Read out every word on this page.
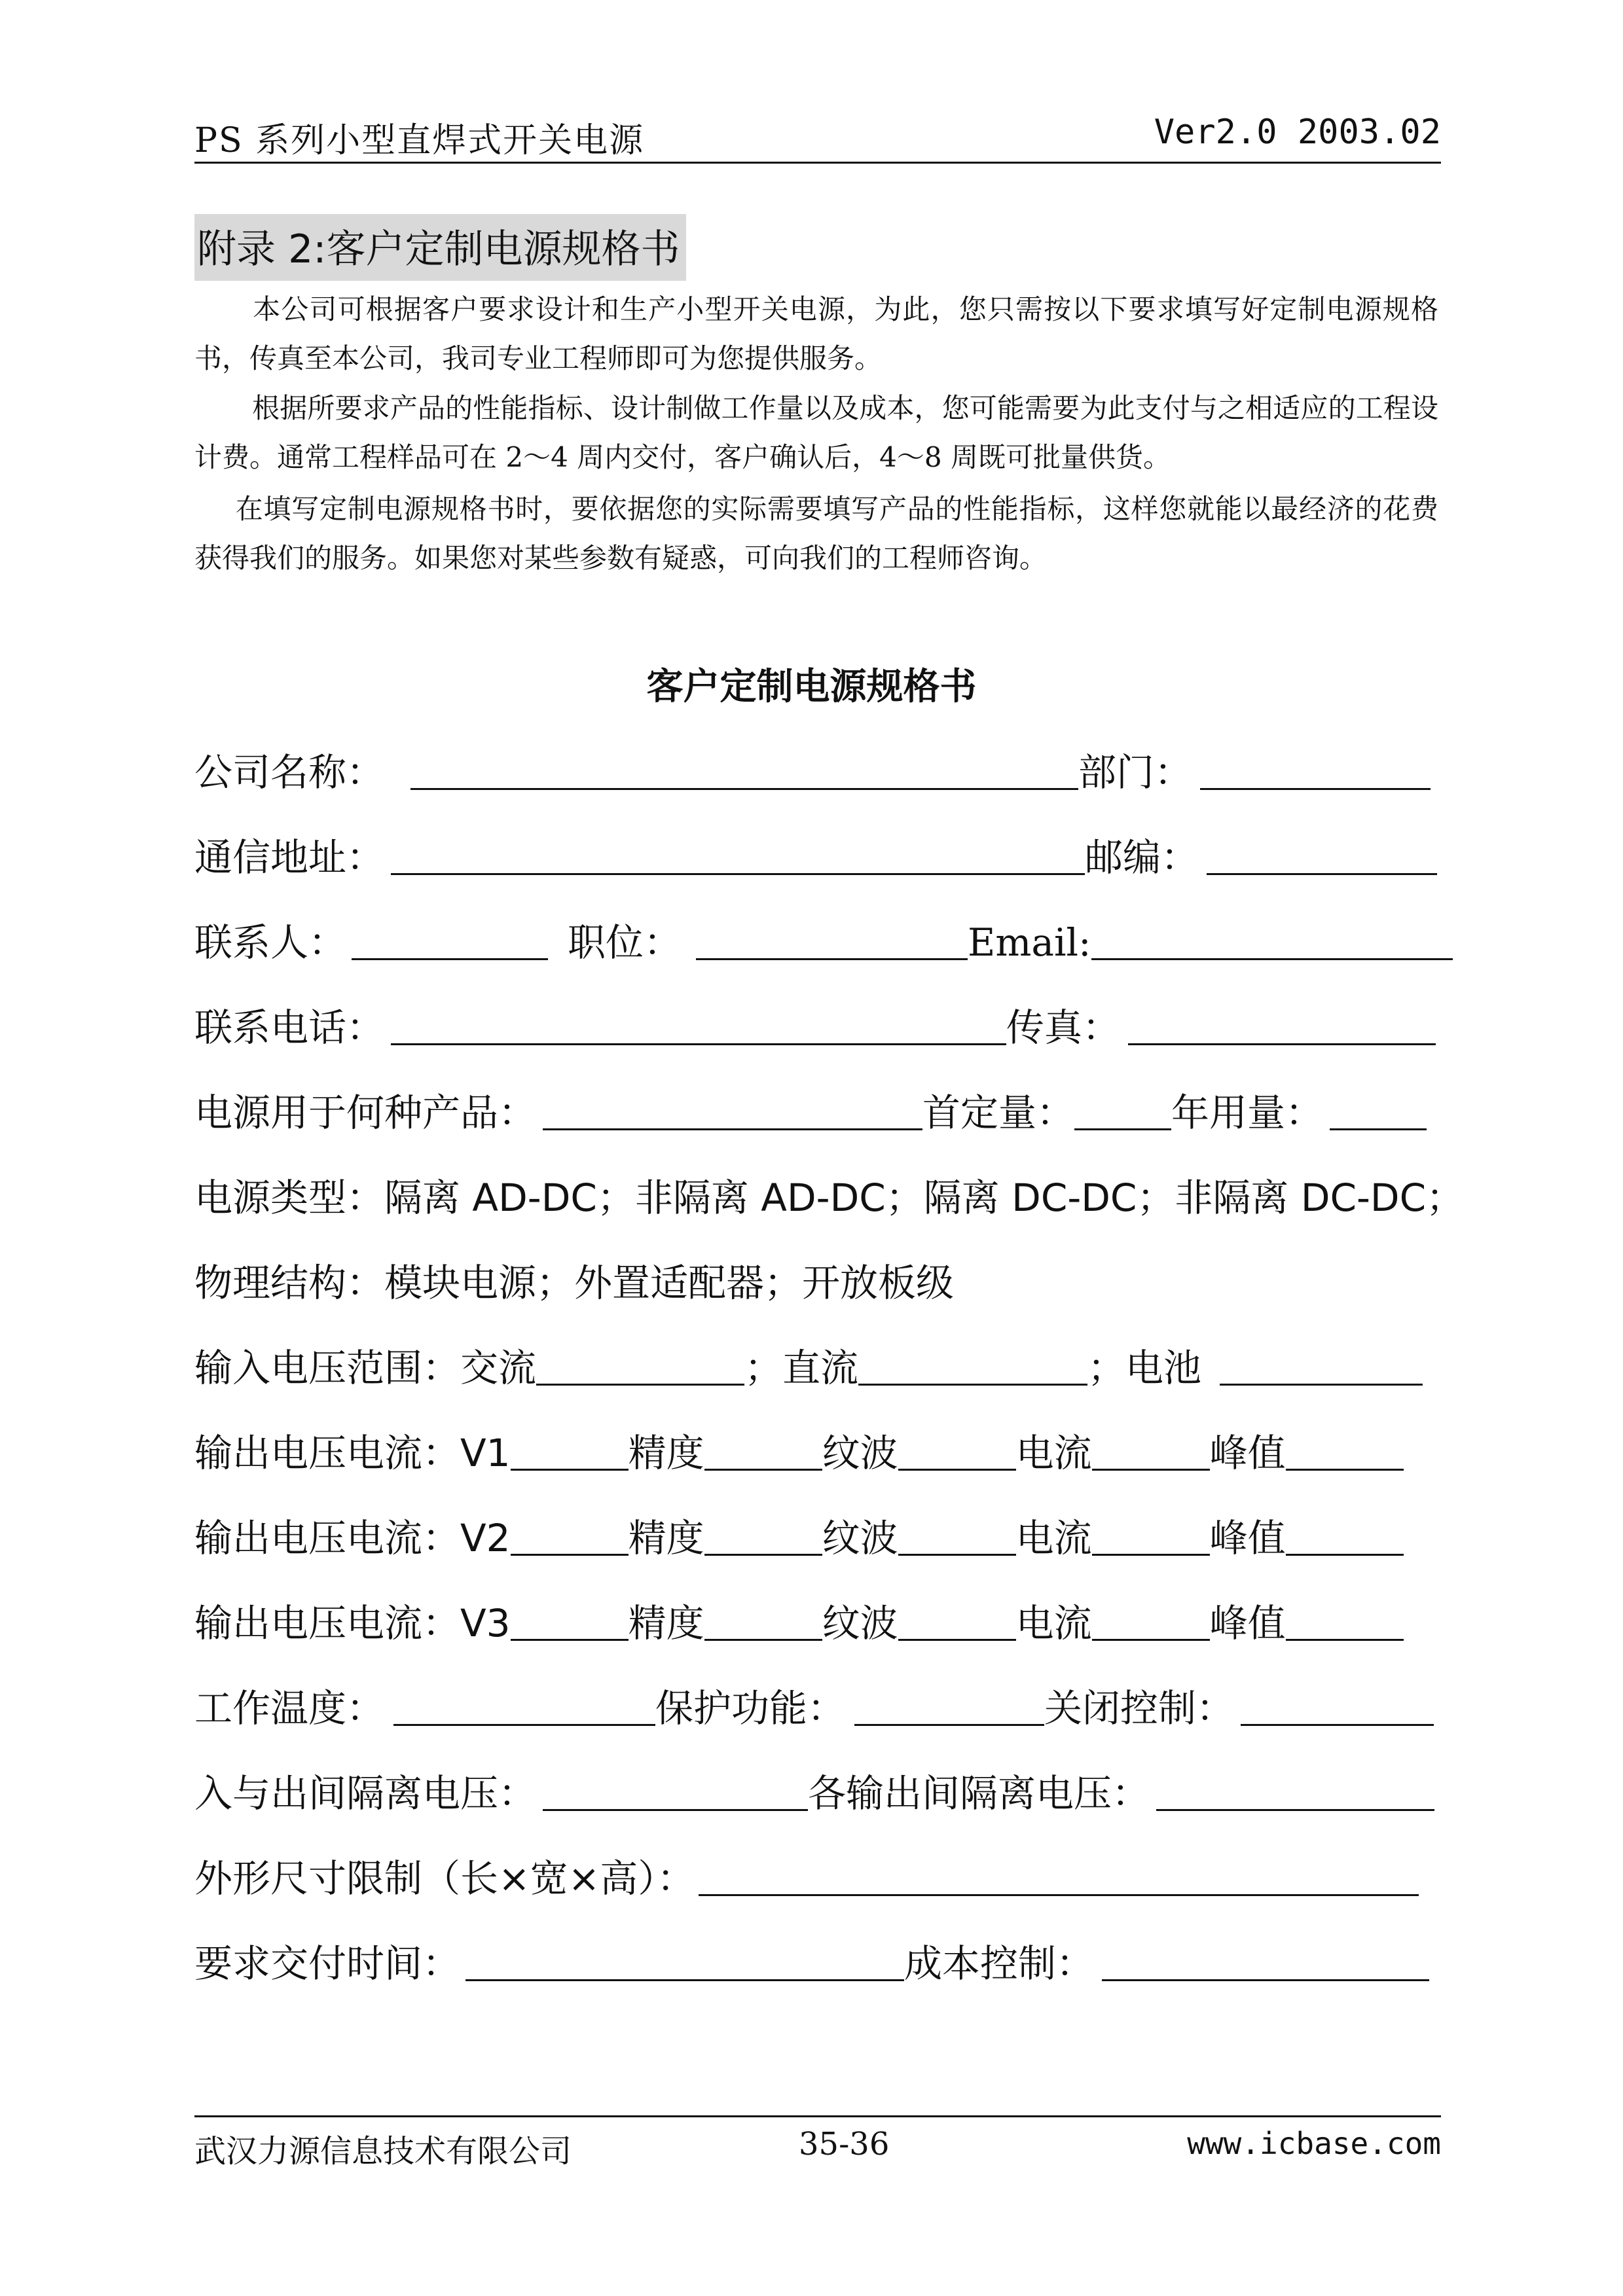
PS 系列小型直焊式开关电源	Ver2.0 2003.02
附录 2:客户定制电源规格书
本公司可根据客户要求设计和生产小型开关电源，为此，您只需按以下要求填写好定制电源规格书，传真至本公司，我司专业工程师即可为您提供服务。
根据所要求产品的性能指标、设计制做工作量以及成本，您可能需要为此支付与之相适应的工程设计费。通常工程样品可在 2～4 周内交付，客户确认后，4～8 周既可批量供货。
在填写定制电源规格书时，要依据您的实际需要填写产品的性能指标，这样您就能以最经济的花费获得我们的服务。如果您对某些参数有疑惑，可向我们的工程师咨询。
客户定制电源规格书
公司名称：	部门：
通信地址：	邮编：
联系人：	职位：	Email:
联系电话：	传真：
电源用于何种产品：	首定量：	年用量：
电源类型：隔离 AD-DC；非隔离 AD-DC；隔离 DC-DC；非隔离 DC-DC；
物理结构：模块电源；外置适配器；开放板级
输入电压范围：交流	；直流	；电池
输出电压电流：V1	精度	纹波	电流	峰值
输出电压电流：V2	精度	纹波	电流	峰值
输出电压电流：V3	精度	纹波	电流	峰值
工作温度：	保护功能：	关闭控制：
入与出间隔离电压：	各输出间隔离电压：
外形尺寸限制（长×宽×高）：
要求交付时间：	成本控制：
武汉力源信息技术有限公司	35-36	www.icbase.com
